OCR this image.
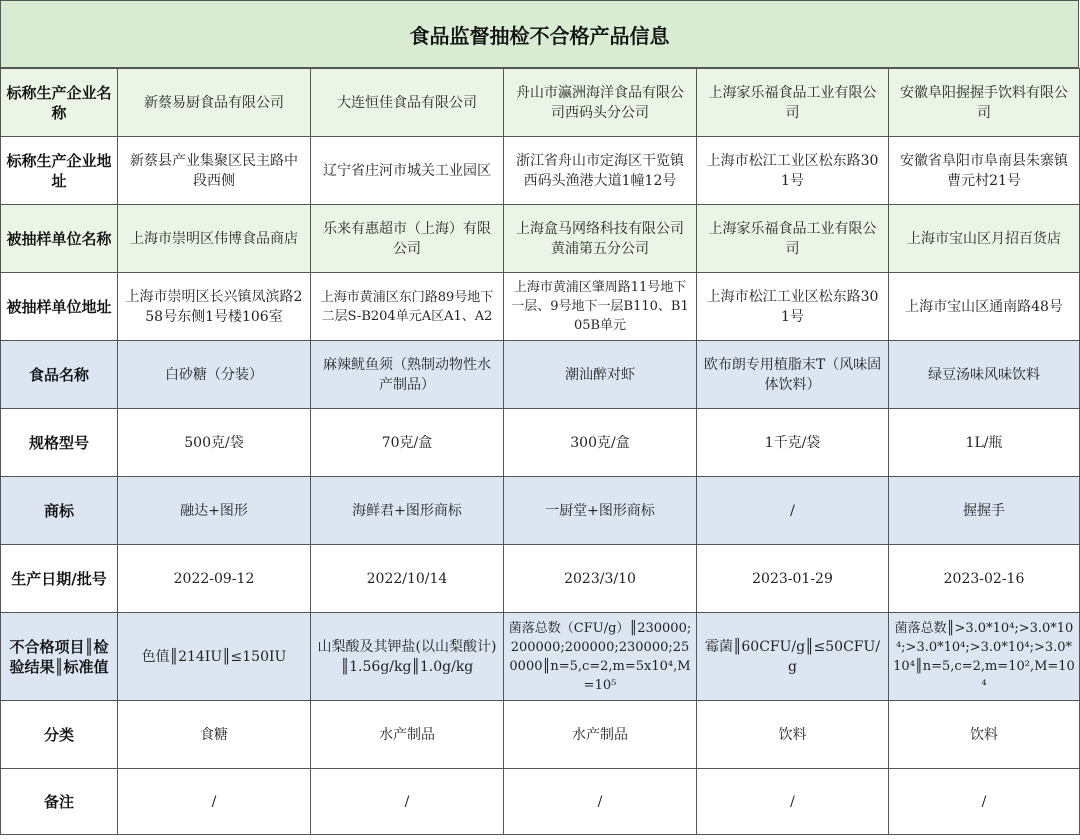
食品监督抽检不合格产品信息
标称生产企业名称	新蔡易厨食品有限公司	大连恒佳食品有限公司	舟山市瀛洲海洋食品有限公司西码头分公司	上海家乐福食品工业有限公司	安徽阜阳握握手饮料有限公司
标称生产企业地址	新蔡县产业集聚区民主路中段西侧	辽宁省庄河市城关工业园区	浙江省舟山市定海区干览镇西码头渔港大道1幢12号	上海市松江工业区松东路301号	安徽省阜阳市阜南县朱寨镇曹元村21号
被抽样单位名称	上海市崇明区伟博食品商店	乐来有惠超市（上海）有限公司	上海盒马网络科技有限公司黄浦第五分公司	上海家乐福食品工业有限公司	上海市宝山区月招百货店
被抽样单位地址	上海市崇明区长兴镇凤滨路258号东侧1号楼106室	上海市黄浦区东门路89号地下二层S-B204单元A区A1、A2	上海市黄浦区肇周路11号地下一层、9号地下一层B110、B105B单元	上海市松江工业区松东路301号	上海市宝山区通南路48号
食品名称	白砂糖（分装）	麻辣鱿鱼须（熟制动物性水产制品）	潮汕醉对虾	欧布朗专用植脂末T（风味固体饮料）	绿豆汤味风味饮料
规格型号	500克/袋	70克/盒	300克/盒	1千克/袋	1L/瓶
商标	融达+图形	海鲜君+图形商标	一厨堂+图形商标	/	握握手
生产日期/批号	2022-09-12	2022/10/14	2023/3/10	2023-01-29	2023-02-16
不合格项目║检验结果║标准值	色值║214IU║≤150IU	山梨酸及其钾盐(以山梨酸计)║1.56g/kg║1.0g/kg	菌落总数（CFU/g）║230000;200000;200000;230000;250000║n=5,c=2,m=5x10⁴,M=10⁵	霉菌║60CFU/g║≤50CFU/g	菌落总数║>3.0*10⁴;>3.0*10⁴;>3.0*10⁴;>3.0*10⁴;>3.0*10⁴║n=5,c=2,m=10²,M=10⁴
分类	食糖	水产制品	水产制品	饮料	饮料
备注	/	/	/	/	/
